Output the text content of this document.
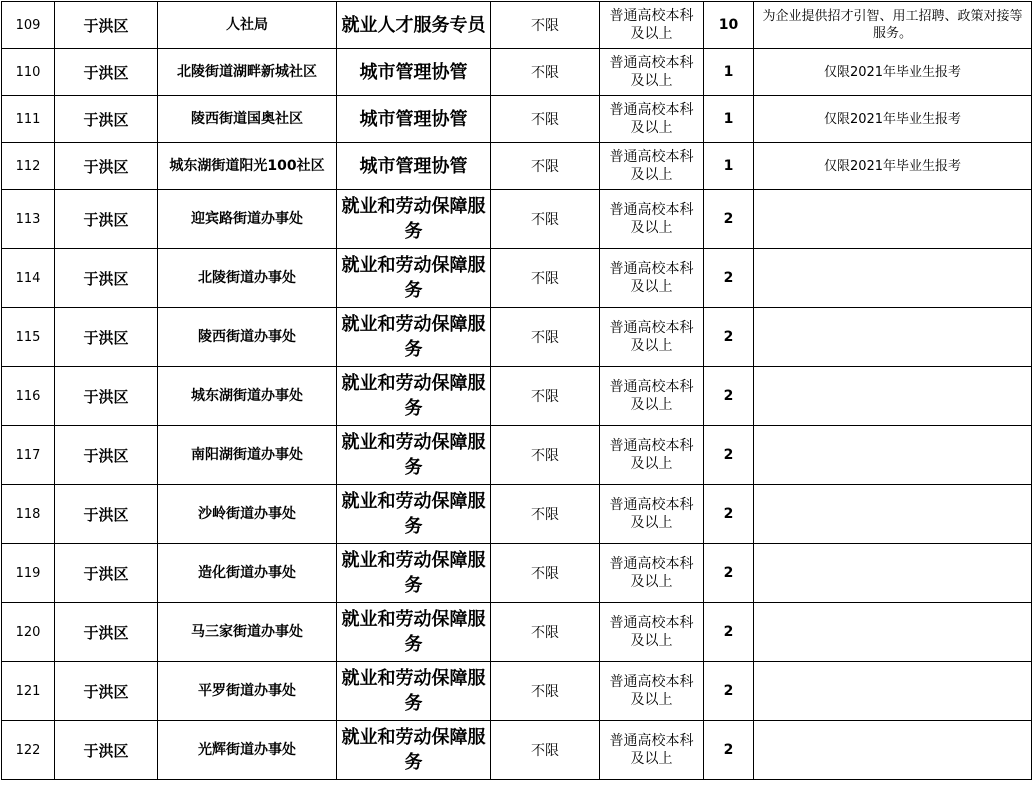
109	于洪区	人社局	就业人才服务专员	不限	普通高校本科及以上	10	为企业提供招才引智、用工招聘、政策对接等服务。
110	于洪区	北陵街道湖畔新城社区	城市管理协管	不限	普通高校本科及以上	1	仅限2021年毕业生报考
111	于洪区	陵西街道国奥社区	城市管理协管	不限	普通高校本科及以上	1	仅限2021年毕业生报考
112	于洪区	城东湖街道阳光100社区	城市管理协管	不限	普通高校本科及以上	1	仅限2021年毕业生报考
113	于洪区	迎宾路街道办事处	就业和劳动保障服务	不限	普通高校本科及以上	2	
114	于洪区	北陵街道办事处	就业和劳动保障服务	不限	普通高校本科及以上	2	
115	于洪区	陵西街道办事处	就业和劳动保障服务	不限	普通高校本科及以上	2	
116	于洪区	城东湖街道办事处	就业和劳动保障服务	不限	普通高校本科及以上	2	
117	于洪区	南阳湖街道办事处	就业和劳动保障服务	不限	普通高校本科及以上	2	
118	于洪区	沙岭街道办事处	就业和劳动保障服务	不限	普通高校本科及以上	2	
119	于洪区	造化街道办事处	就业和劳动保障服务	不限	普通高校本科及以上	2	
120	于洪区	马三家街道办事处	就业和劳动保障服务	不限	普通高校本科及以上	2	
121	于洪区	平罗街道办事处	就业和劳动保障服务	不限	普通高校本科及以上	2	
122	于洪区	光辉街道办事处	就业和劳动保障服务	不限	普通高校本科及以上	2	
